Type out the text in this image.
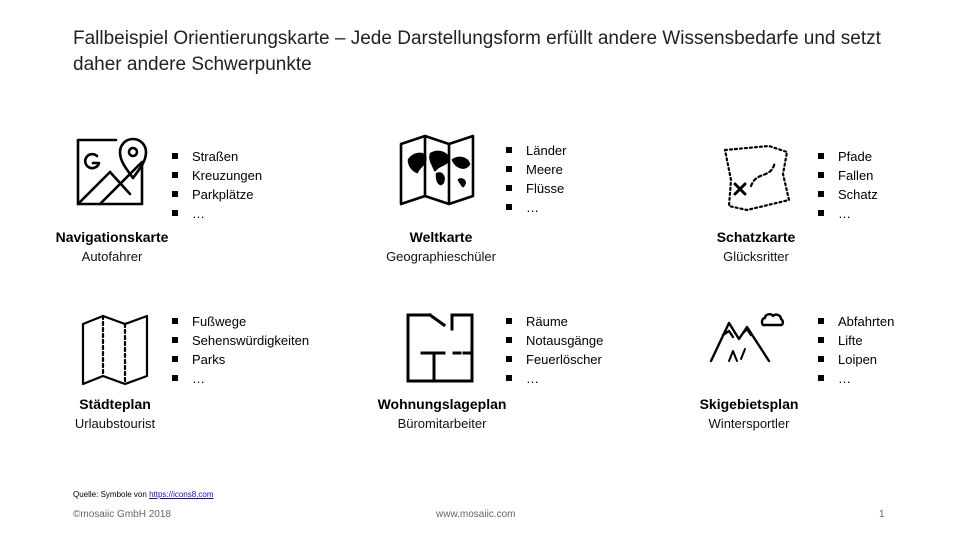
Fallbeispiel Orientierungskarte – Jede Darstellungsform erfüllt andere Wissensbedarfe und setzt daher andere Schwerpunkte
Straßen
Kreuzungen
Parkplätze
…
Navigationskarte
Autofahrer
Länder
Meere
Flüsse
…
Weltkarte
Geographieschüler
Pfade
Fallen
Schatz
…
Schatzkarte
Glücksritter
Fußwege
Sehenswürdigkeiten
Parks
…
Städteplan
Urlaubstourist
Räume
Notausgänge
Feuerlöscher
…
Wohnungslageplan
Büromitarbeiter
Abfahrten
Lifte
Loipen
…
Skigebietsplan
Wintersportler
Quelle: Symbole von https://icons8.com
©mosaiic GmbH 2018	www.mosaiic.com	1
